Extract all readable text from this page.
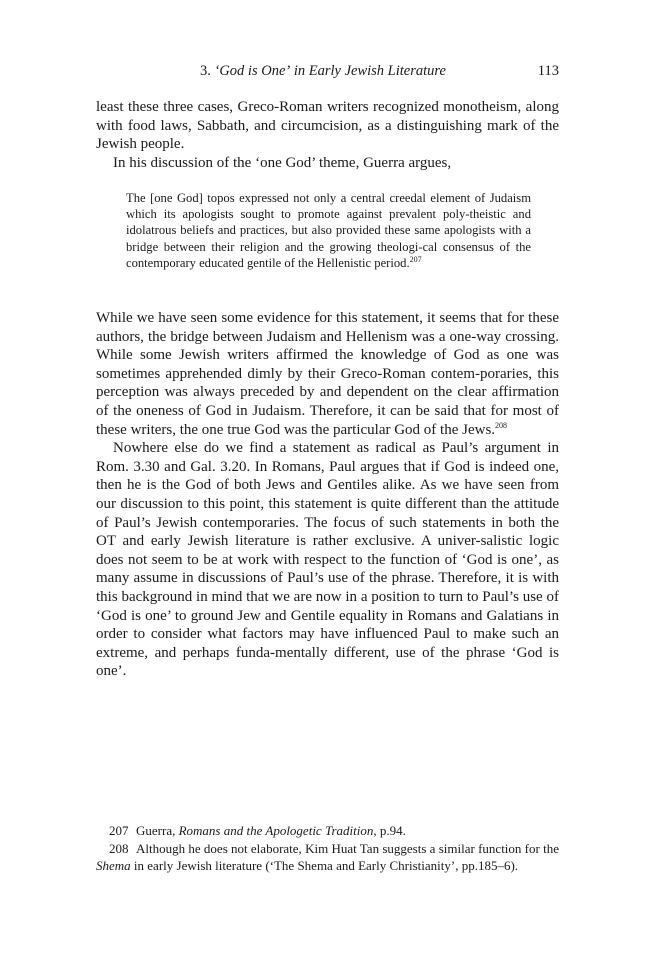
3. ‘God is One’ in Early Jewish Literature	113

least these three cases, Greco-Roman writers recognized monotheism, along with food laws, Sabbath, and circumcision, as a distinguishing mark of the Jewish people.

In his discussion of the ‘one God’ theme, Guerra argues,

The [one God] topos expressed not only a central creedal element of Judaism which its apologists sought to promote against prevalent poly-theistic and idolatrous beliefs and practices, but also provided these same apologists with a bridge between their religion and the growing theologi-cal consensus of the contemporary educated gentile of the Hellenistic period.$^{207}$

While we have seen some evidence for this statement, it seems that for these authors, the bridge between Judaism and Hellenism was a one-way crossing. While some Jewish writers affirmed the knowledge of God as one was sometimes apprehended dimly by their Greco-Roman contem-poraries, this perception was always preceded by and dependent on the clear affirmation of the oneness of God in Judaism. Therefore, it can be said that for most of these writers, the one true God was the particular God of the Jews.$^{208}$

Nowhere else do we find a statement as radical as Paul’s argument in Rom. 3.30 and Gal. 3.20. In Romans, Paul argues that if God is indeed one, then he is the God of both Jews and Gentiles alike. As we have seen from our discussion to this point, this statement is quite different than the attitude of Paul’s Jewish contemporaries. The focus of such statements in both the OT and early Jewish literature is rather exclusive. A univer-salistic logic does not seem to be at work with respect to the function of ‘God is one’, as many assume in discussions of Paul’s use of the phrase. Therefore, it is with this background in mind that we are now in a position to turn to Paul’s use of ‘God is one’ to ground Jew and Gentile equality in Romans and Galatians in order to consider what factors may have influenced Paul to make such an extreme, and perhaps funda-mentally different, use of the phrase ‘God is one’.

207 Guerra, Romans and the Apologetic Tradition, p.94.

208 Although he does not elaborate, Kim Huat Tan suggests a similar function for the Shema in early Jewish literature (‘The Shema and Early Christianity’, pp.185–6).
